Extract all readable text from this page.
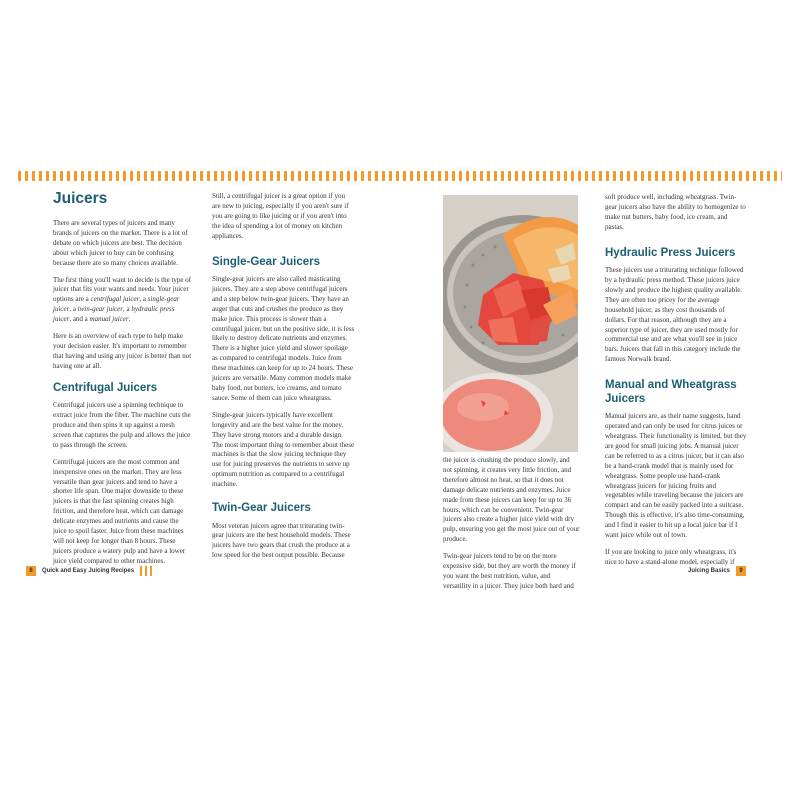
Juicers

There are several types of juicers and many brands of juicers on the market. There is a lot of debate on which juicers are best. The decision about which juicer to buy can be confusing because there are so many choices available.

The first thing you'll want to decide is the type of juicer that fits your wants and needs. Your juicer options are a centrifugal juicer, a single-gear juicer, a twin-gear juicer, a hydraulic press juicer, and a manual juicer.

Here is an overview of each type to help make your decision easier. It's important to remember that having and using any juicer is better than not having one at all.

Centrifugal Juicers

Centrifugal juicers use a spinning technique to extract juice from the fiber. The machine cuts the produce and then spins it up against a mesh screen that captures the pulp and allows the juice to pass through the screen.

Centrifugal juicers are the most common and inexpensive ones on the market. They are less versatile than gear juicers and tend to have a shorter life span. One major downside to these juicers is that the fast spinning creates high friction, and therefore heat, which can damage delicate enzymes and nutrients and cause the juice to spoil faster. Juice from these machines will not keep for longer than 8 hours. These juicers produce a watery pulp and have a lower juice yield compared to other machines.

Still, a centrifugal juicer is a great option if you are new to juicing, especially if you aren't sure if you are going to like juicing or if you aren't into the idea of spending a lot of money on kitchen appliances.

Single-Gear Juicers

Single-gear juicers are also called masticating juicers. They are a step above centrifugal juicers and a step below twin-gear juicers. They have an auger that cuts and crushes the produce as they make juice. This process is slower than a centrifugal juicer, but on the positive side, it is less likely to destroy delicate nutrients and enzymes. There is a higher juice yield and slower spoilage as compared to centrifugal models. Juice from these machines can keep for up to 24 hours. These juicers are versatile. Many common models make baby food, nut butters, ice creams, and tomato sauce. Some of them can juice wheatgrass.

Single-gear juicers typically have excellent longevity and are the best value for the money. They have strong motors and a durable design. The most important thing to remember about these machines is that the slow juicing technique they use for juicing preserves the nutrients to serve up optimum nutrition as compared to a centrifugal machine.

Twin-Gear Juicers

Most veteran juicers agree that triturating twin-gear juicers are the best household models. These juicers have two gears that crush the produce at a low speed for the best output possible. Because

the juicer is crushing the produce slowly, and not spinning, it creates very little friction, and therefore almost no heat, so that it does not damage delicate nutrients and enzymes. Juice made from these juicers can keep for up to 36 hours, which can be convenient. Twin-gear juicers also create a higher juice yield with dry pulp, ensuring you get the most juice out of your produce.

Twin-gear juicers tend to be on the more expensive side, but they are worth the money if you want the best nutrition, value, and versatility in a juicer. They juice both hard and

soft produce well, including wheatgrass. Twin-gear juicers also have the ability to homogenize to make nut butters, baby food, ice cream, and pastas.

Hydraulic Press Juicers

These juicers use a triturating technique followed by a hydraulic press method. These juicers juice slowly and produce the highest quality available. They are often too pricey for the average household juicer, as they cost thousands of dollars. For that reason, although they are a superior type of juicer, they are used mostly for commercial use and are what you'll see in juice bars. Juicers that fall in this category include the famous Norwalk brand.

Manual and Wheatgrass Juicers

Manual juicers are, as their name suggests, hand operated and can only be used for citrus juices or wheatgrass. Their functionality is limited, but they are good for small juicing jobs. A manual juicer can be referred to as a citrus juicer, but it can also be a hand-crank model that is mainly used for wheatgrass. Some people use hand-crank wheatgrass juicers for juicing fruits and vegetables while traveling because the juicers are compact and can be easily packed into a suitcase. Though this is effective, it's also time-consuming, and I find it easier to hit up a local juice bar if I want juice while out of town.

If you are looking to juice only wheatgrass, it's nice to have a stand-alone model, especially if

8	Quick and Easy Juicing Recipes	Juicing Basics	9
